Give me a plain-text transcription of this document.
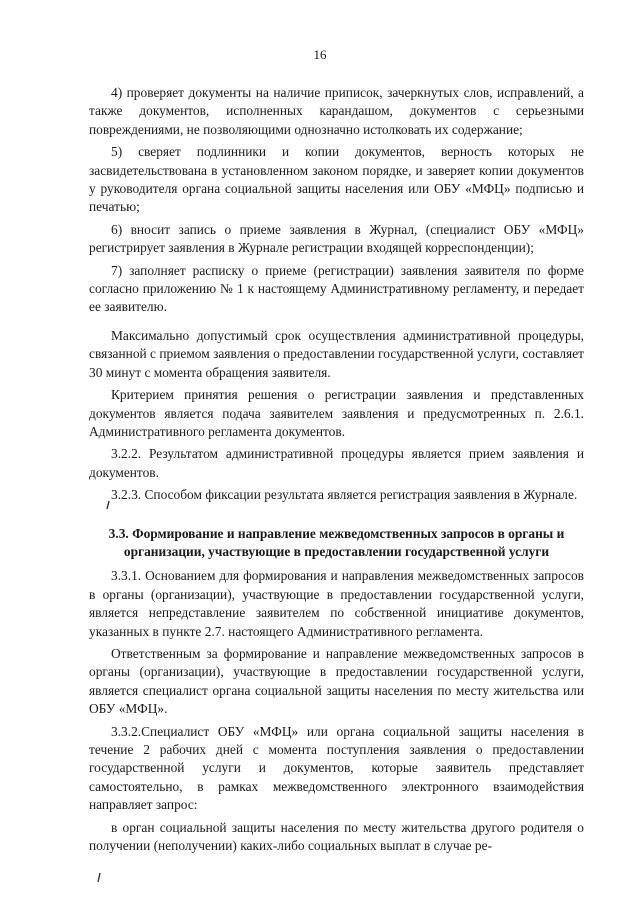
16

4) проверяет документы на наличие приписок, зачеркнутых слов, исправлений, а также документов, исполненных карандашом, документов с серьезными повреждениями, не позволяющими однозначно истолковать их содержание;

5) сверяет подлинники и копии документов, верность которых не засвидетельствована в установленном законом порядке, и заверяет копии документов у руководителя органа социальной защиты населения или ОБУ «МФЦ» подписью и печатью;

6) вносит запись о приеме заявления в Журнал, (специалист ОБУ «МФЦ» регистрирует заявления в Журнале регистрации входящей корреспонденции);

7) заполняет расписку о приеме (регистрации) заявления заявителя по форме согласно приложению № 1 к настоящему Административному регламенту, и передает ее заявителю.

Максимально допустимый срок осуществления административной процедуры, связанной с приемом заявления о предоставлении государственной услуги, составляет 30 минут с момента обращения заявителя.

Критерием принятия решения о регистрации заявления и представленных документов является подача заявителем заявления и предусмотренных п. 2.6.1. Административного регламента документов.

3.2.2. Результатом административной процедуры является прием заявления и документов.

3.2.3. Способом фиксации результата является регистрация заявления в Журнале.

3.3. Формирование и направление межведомственных запросов в органы и организации, участвующие в предоставлении государственной услуги

3.3.1. Основанием для формирования и направления межведомственных запросов в органы (организации), участвующие в предоставлении государственной услуги, является непредставление заявителем по собственной инициативе документов, указанных в пункте 2.7. настоящего Административного регламента.

Ответственным за формирование и направление межведомственных запросов в органы (организации), участвующие в предоставлении государственной услуги, является специалист органа социальной защиты населения по месту жительства или ОБУ «МФЦ».

3.3.2.Специалист ОБУ «МФЦ» или органа социальной защиты населения в течение 2 рабочих дней с момента поступления заявления о предоставлении государственной услуги и документов, которые заявитель представляет самостоятельно, в рамках межведомственного электронного взаимодействия направляет запрос:

в орган социальной защиты населения по месту жительства другого родителя о получении (неполучении) каких-либо социальных выплат в случае ре-
